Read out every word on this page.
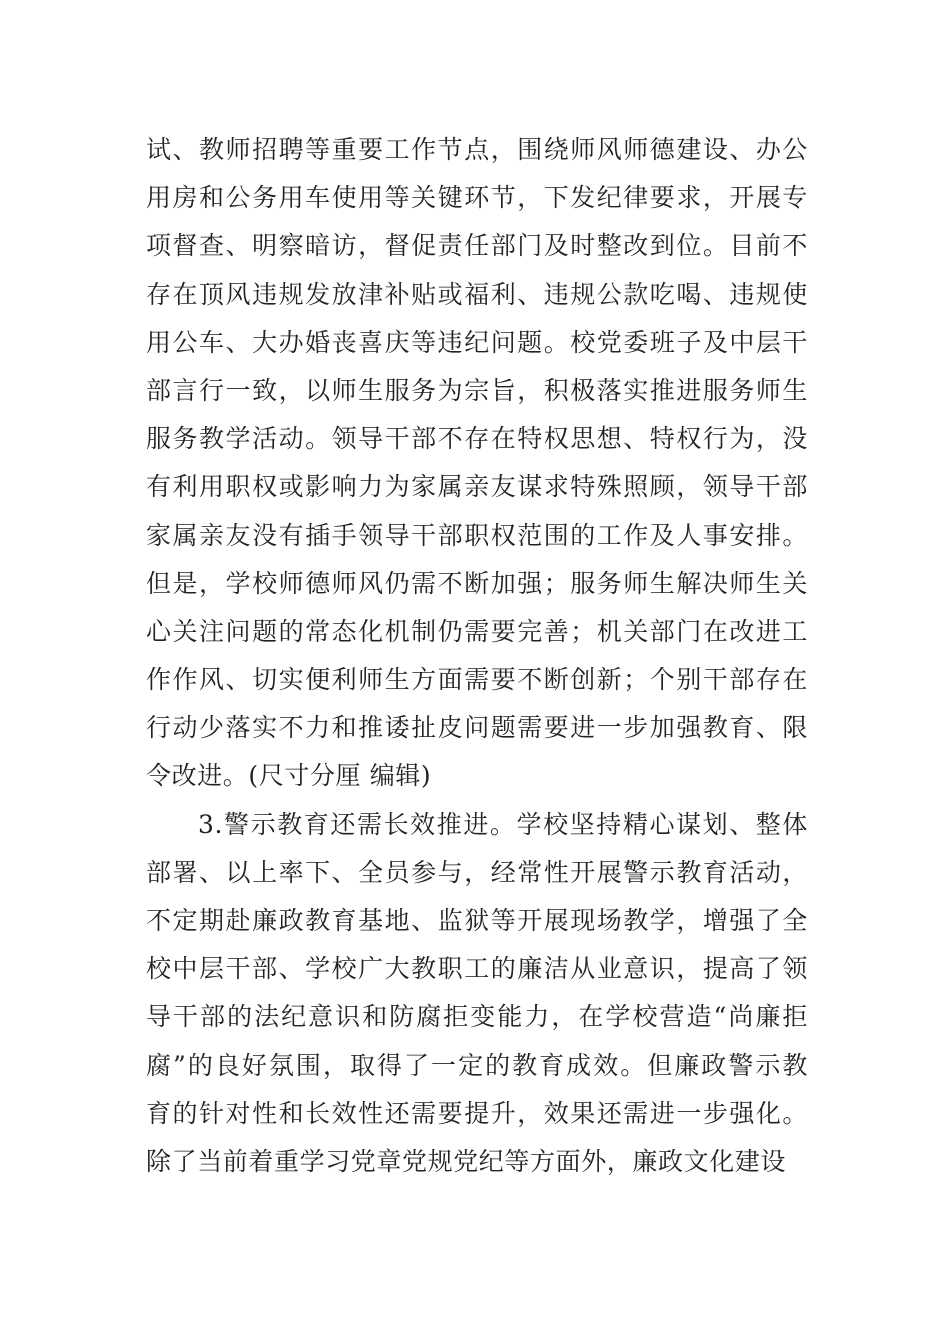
试、教师招聘等重要工作节点，围绕师风师德建设、办公
用房和公务用车使用等关键环节，下发纪律要求，开展专
项督查、明察暗访，督促责任部门及时整改到位。目前不
存在顶风违规发放津补贴或福利、违规公款吃喝、违规使
用公车、大办婚丧喜庆等违纪问题。校党委班子及中层干
部言行一致，以师生服务为宗旨，积极落实推进服务师生
服务教学活动。领导干部不存在特权思想、特权行为，没
有利用职权或影响力为家属亲友谋求特殊照顾，领导干部
家属亲友没有插手领导干部职权范围的工作及人事安排。
但是，学校师德师风仍需不断加强；服务师生解决师生关
心关注问题的常态化机制仍需要完善；机关部门在改进工
作作风、切实便利师生方面需要不断创新；个别干部存在
行动少落实不力和推诿扯皮问题需要进一步加强教育、限
令改进。(尺寸分厘 编辑)
3.警示教育还需长效推进。学校坚持精心谋划、整体
部署、以上率下、全员参与，经常性开展警示教育活动，
不定期赴廉政教育基地、监狱等开展现场教学，增强了全
校中层干部、学校广大教职工的廉洁从业意识，提高了领
导干部的法纪意识和防腐拒变能力，在学校营造“尚廉拒
腐”的良好氛围，取得了一定的教育成效。但廉政警示教
育的针对性和长效性还需要提升，效果还需进一步强化。
除了当前着重学习党章党规党纪等方面外，廉政文化建设
